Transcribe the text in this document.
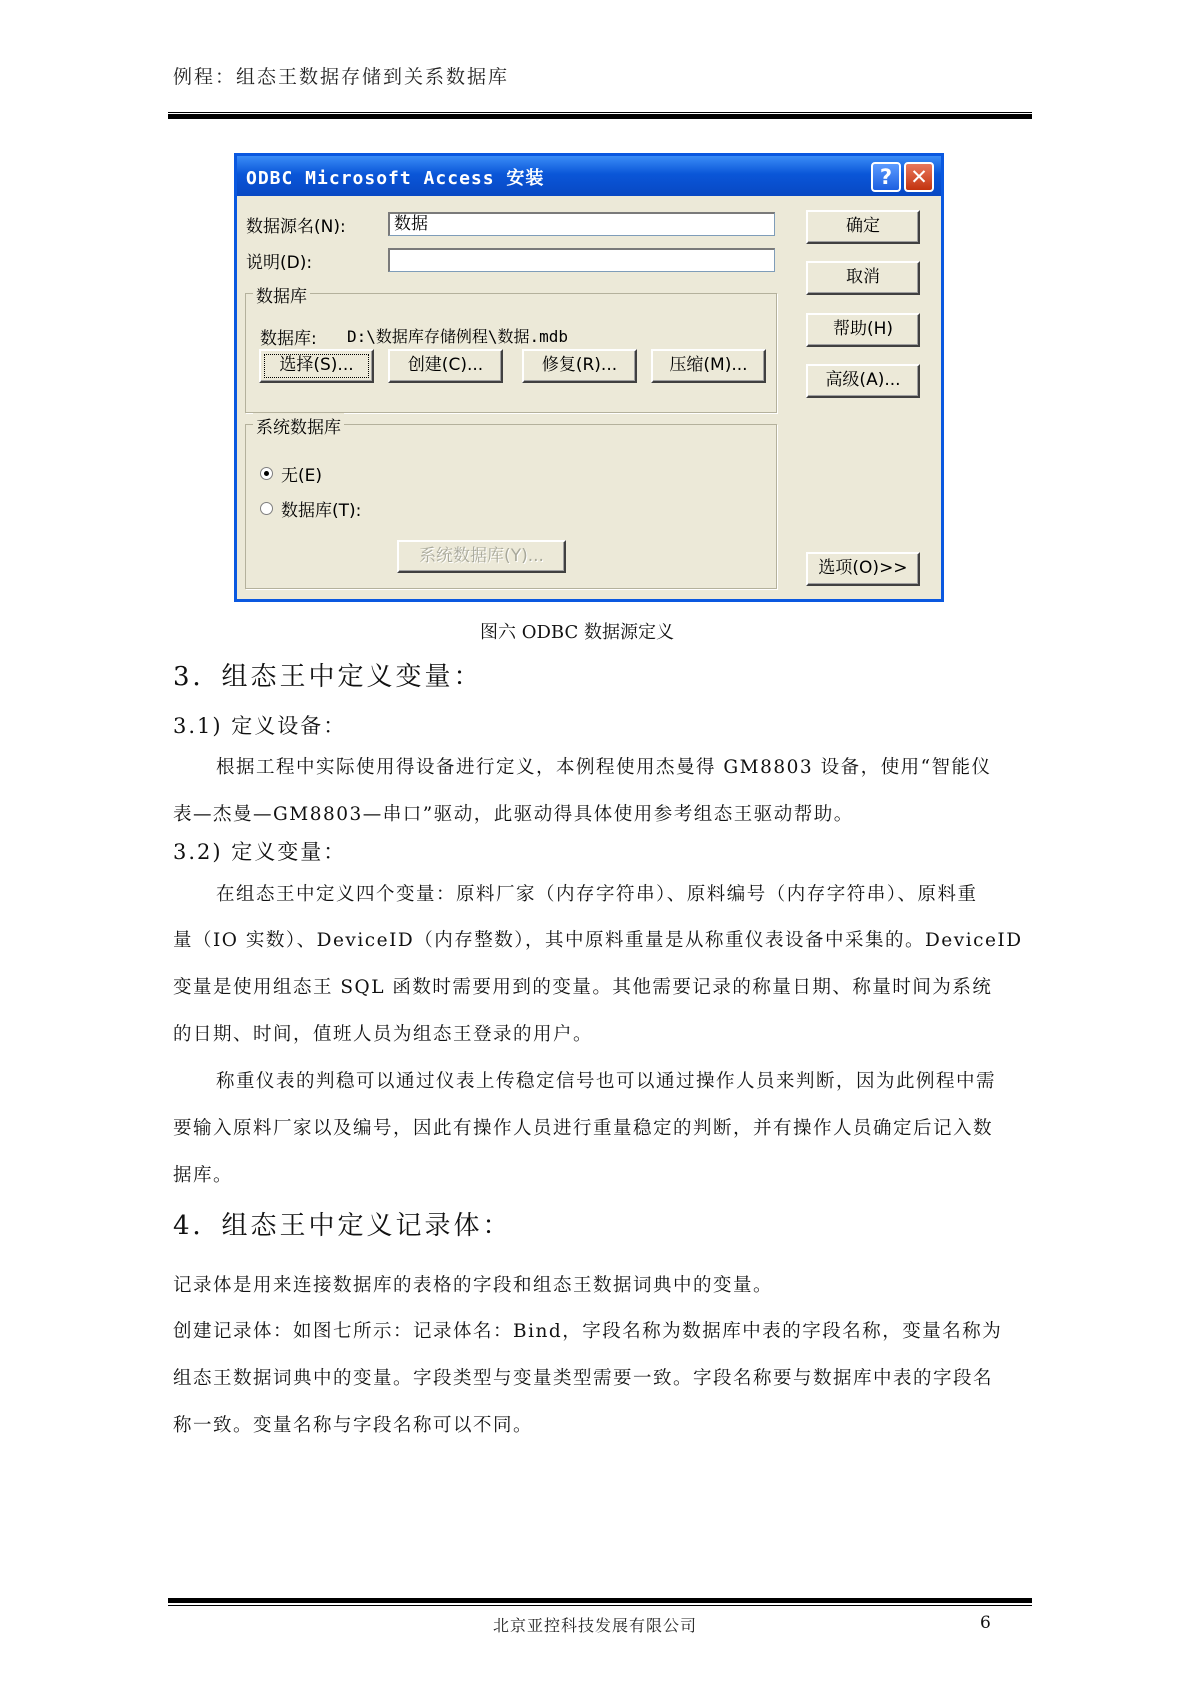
例程：组态王数据存储到关系数据库
ODBC Microsoft Access 安装	? ✕
数据源名(N):	数据
说明(D):
数据库
数据库: D:\数据库存储例程\数据.mdb
选择(S)...	创建(C)...	修复(R)...	压缩(M)...
系统数据库
无(E)
数据库(T):
系统数据库(Y)...
确定
取消
帮助(H)
高级(A)...
选项(O)>>
图六 ODBC 数据源定义
3．组态王中定义变量：
3.1) 定义设备：
根据工程中实际使用得设备进行定义，本例程使用杰曼得 GM8803 设备，使用“智能仪
表—杰曼—GM8803—串口”驱动，此驱动得具体使用参考组态王驱动帮助。
3.2) 定义变量：
在组态王中定义四个变量：原料厂家（内存字符串）、原料编号（内存字符串）、原料重
量（IO 实数）、DeviceID（内存整数），其中原料重量是从称重仪表设备中采集的。DeviceID
变量是使用组态王 SQL 函数时需要用到的变量。其他需要记录的称量日期、称量时间为系统
的日期、时间，值班人员为组态王登录的用户。
称重仪表的判稳可以通过仪表上传稳定信号也可以通过操作人员来判断，因为此例程中需
要输入原料厂家以及编号，因此有操作人员进行重量稳定的判断，并有操作人员确定后记入数
据库。
4．组态王中定义记录体：
记录体是用来连接数据库的表格的字段和组态王数据词典中的变量。
创建记录体：如图七所示：记录体名：Bind，字段名称为数据库中表的字段名称，变量名称为
组态王数据词典中的变量。字段类型与变量类型需要一致。字段名称要与数据库中表的字段名
称一致。变量名称与字段名称可以不同。
北京亚控科技发展有限公司	6
